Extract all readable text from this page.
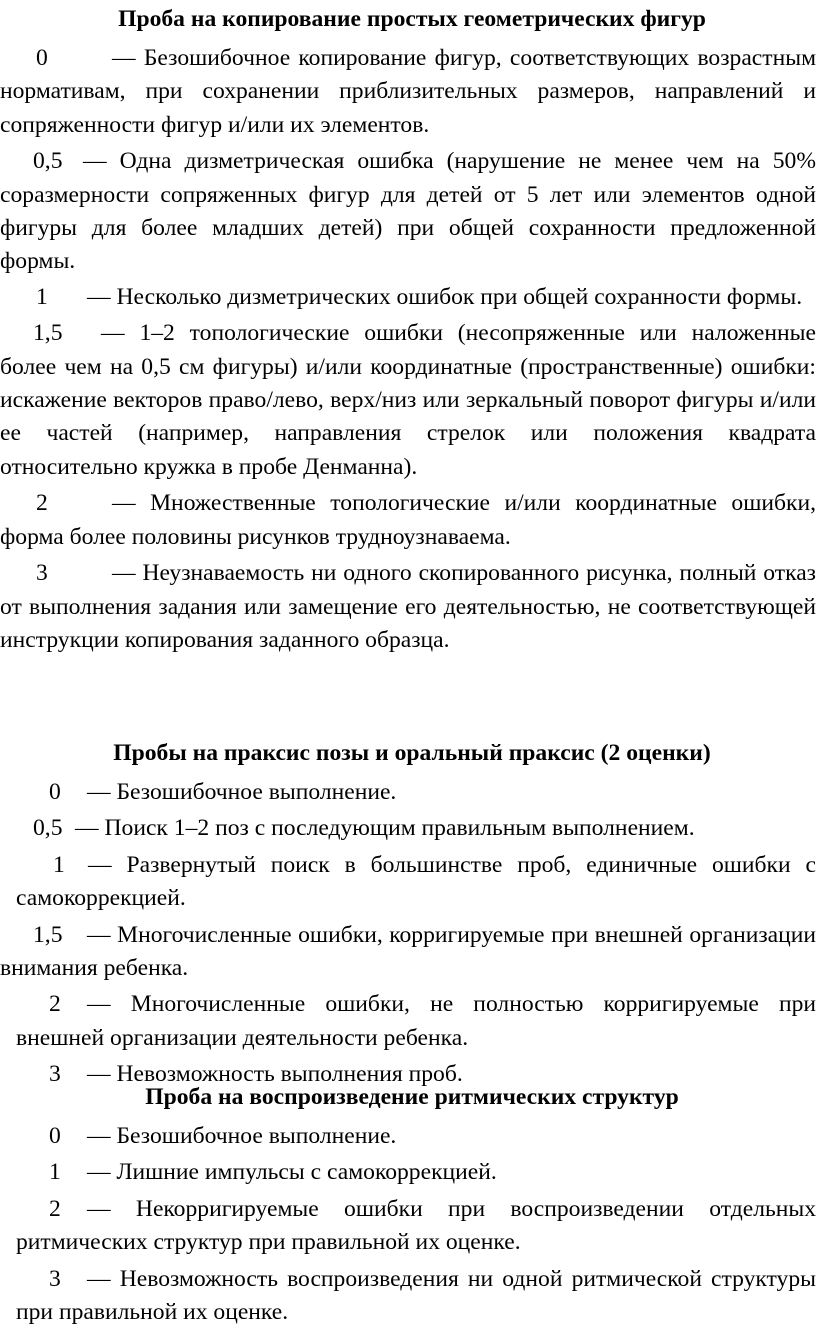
Проба на копирование простых геометрических фигур

0	— Безошибочное копирование фигур, соответствующих возрастным нормативам, при сохранении приблизительных размеров, направлений и сопряженности фигур и/или их элементов.

0,5 — Одна дизметрическая ошибка (нарушение не менее чем на 50% соразмерности сопряженных фигур для детей от 5 лет или элементов одной фигуры для более младших детей) при общей сохранности предложенной формы.

1 — Несколько дизметрических ошибок при общей сохранности формы.

1,5 — 1–2 топологические ошибки (несопряженные или наложенные более чем на 0,5 см фигуры) и/или координатные (пространственные) ошибки: искажение векторов право/лево, верх/низ или зеркальный поворот фигуры и/или ее частей (например, направления стрелок или положения квадрата относительно кружка в пробе Денманна).

2	— Множественные топологические и/или координатные ошибки, форма более половины рисунков трудноузнаваема.

3	— Неузнаваемость ни одного скопированного рисунка, полный отказ от выполнения задания или замещение его деятельностью, не соответствующей инструкции копирования заданного образца.

Пробы на праксис позы и оральный праксис (2 оценки)

0 — Безошибочное выполнение.

0,5 — Поиск 1–2 поз с последующим правильным выполнением.

1 — Развернутый поиск в большинстве проб, единичные ошибки с самокоррекцией.

1,5 — Многочисленные ошибки, корригируемые при внешней организации внимания ребенка.

2 — Многочисленные ошибки, не полностью корригируемые при внешней организации деятельности ребенка.

3 — Невозможность выполнения проб.

Проба на воспроизведение ритмических структур

0 — Безошибочное выполнение.

1 — Лишние импульсы с самокоррекцией.

2 — Некорригируемые ошибки при воспроизведении отдельных ритмических структур при правильной их оценке.

3 — Невозможность воспроизведения ни одной ритмической структуры при правильной их оценке.
